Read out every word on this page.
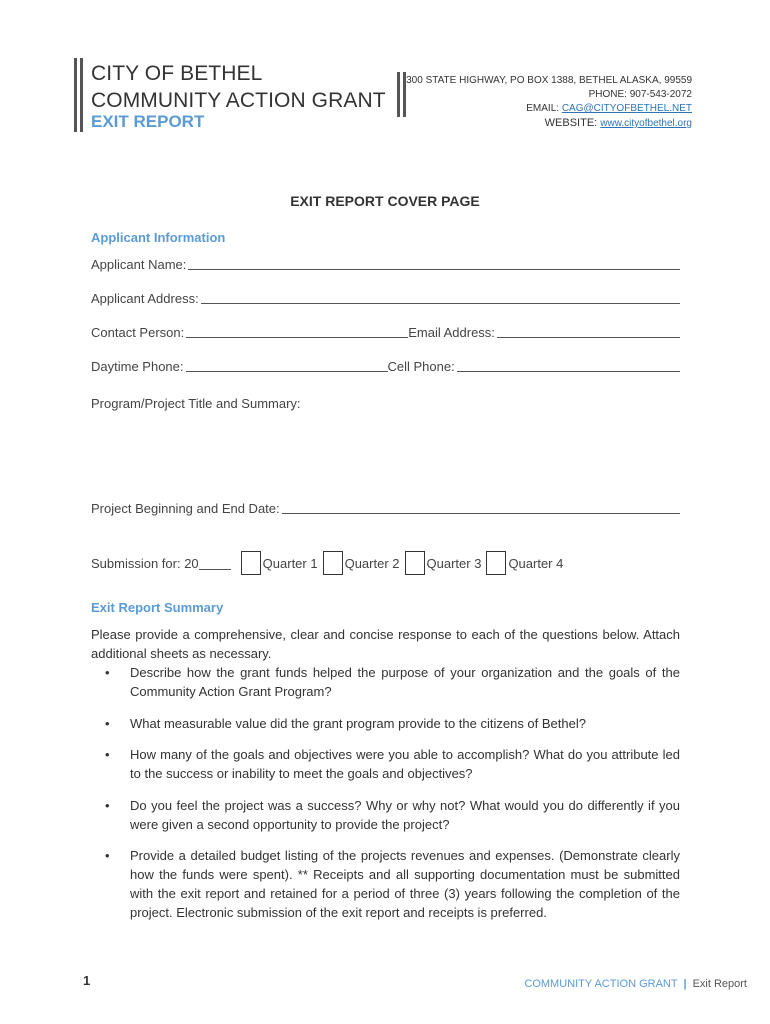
CITY OF BETHEL
COMMUNITY ACTION GRANT
EXIT REPORT
300 STATE HIGHWAY, PO BOX 1388, BETHEL ALASKA, 99559
PHONE: 907-543-2072
EMAIL: CAG@CITYOFBETHEL.NET
WEBSITE: www.cityofbethel.org
EXIT REPORT COVER PAGE
Applicant Information
Applicant Name:
Applicant Address:
Contact Person:	Email Address:
Daytime Phone:	Cell Phone:
Program/Project Title and Summary:
Project Beginning and End Date:
Submission for: 20	Quarter 1 Quarter 2 Quarter 3 Quarter 4
Exit Report Summary
Please provide a comprehensive, clear and concise response to each of the questions below. Attach additional sheets as necessary.
• Describe how the grant funds helped the purpose of your organization and the goals of the Community Action Grant Program?
• What measurable value did the grant program provide to the citizens of Bethel?
• How many of the goals and objectives were you able to accomplish? What do you attribute led to the success or inability to meet the goals and objectives?
• Do you feel the project was a success? Why or why not? What would you do differently if you were given a second opportunity to provide the project?
• Provide a detailed budget listing of the projects revenues and expenses. (Demonstrate clearly how the funds were spent). ** Receipts and all supporting documentation must be submitted with the exit report and retained for a period of three (3) years following the completion of the project. Electronic submission of the exit report and receipts is preferred.
1	COMMUNITY ACTION GRANT | Exit Report
